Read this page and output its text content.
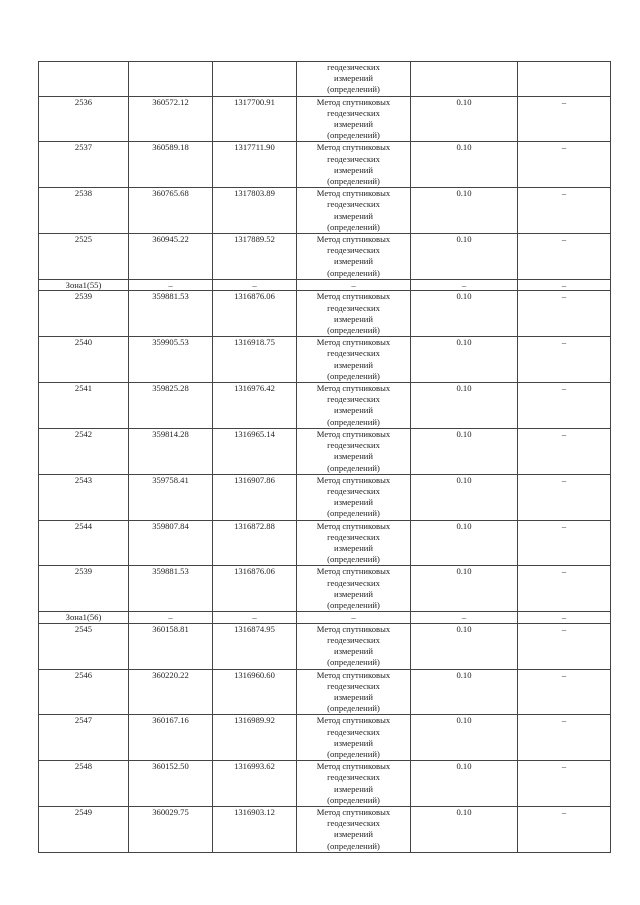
			геодезических
измерений
(определений)		

2536	360572.12	1317700.91	Метод спутниковых
геодезических
измерений
(определений)	0.10	–
2537	360589.18	1317711.90	Метод спутниковых
геодезических
измерений
(определений)	0.10	–
2538	360765.68	1317803.89	Метод спутниковых
геодезических
измерений
(определений)	0.10	–
2525	360945.22	1317889.52	Метод спутниковых
геодезических
измерений
(определений)	0.10	–
Зона1(55)	–	–	–	–	–
2539	359881.53	1316876.06	Метод спутниковых
геодезических
измерений
(определений)	0.10	–
2540	359905.53	1316918.75	Метод спутниковых
геодезических
измерений
(определений)	0.10	–
2541	359825.28	1316976.42	Метод спутниковых
геодезических
измерений
(определений)	0.10	–
2542	359814.28	1316965.14	Метод спутниковых
геодезических
измерений
(определений)	0.10	–
2543	359758.41	1316907.86	Метод спутниковых
геодезических
измерений
(определений)	0.10	–
2544	359807.84	1316872.88	Метод спутниковых
геодезических
измерений
(определений)	0.10	–
2539	359881.53	1316876.06	Метод спутниковых
геодезических
измерений
(определений)	0.10	–
Зона1(56)	–	–	–	–	–
2545	360158.81	1316874.95	Метод спутниковых
геодезических
измерений
(определений)	0.10	–
2546	360220.22	1316960.60	Метод спутниковых
геодезических
измерений
(определений)	0.10	–
2547	360167.16	1316989.92	Метод спутниковых
геодезических
измерений
(определений)	0.10	–
2548	360152.50	1316993.62	Метод спутниковых
геодезических
измерений
(определений)	0.10	–
2549	360029.75	1316903.12	Метод спутниковых
геодезических
измерений
(определений)	0.10	–
